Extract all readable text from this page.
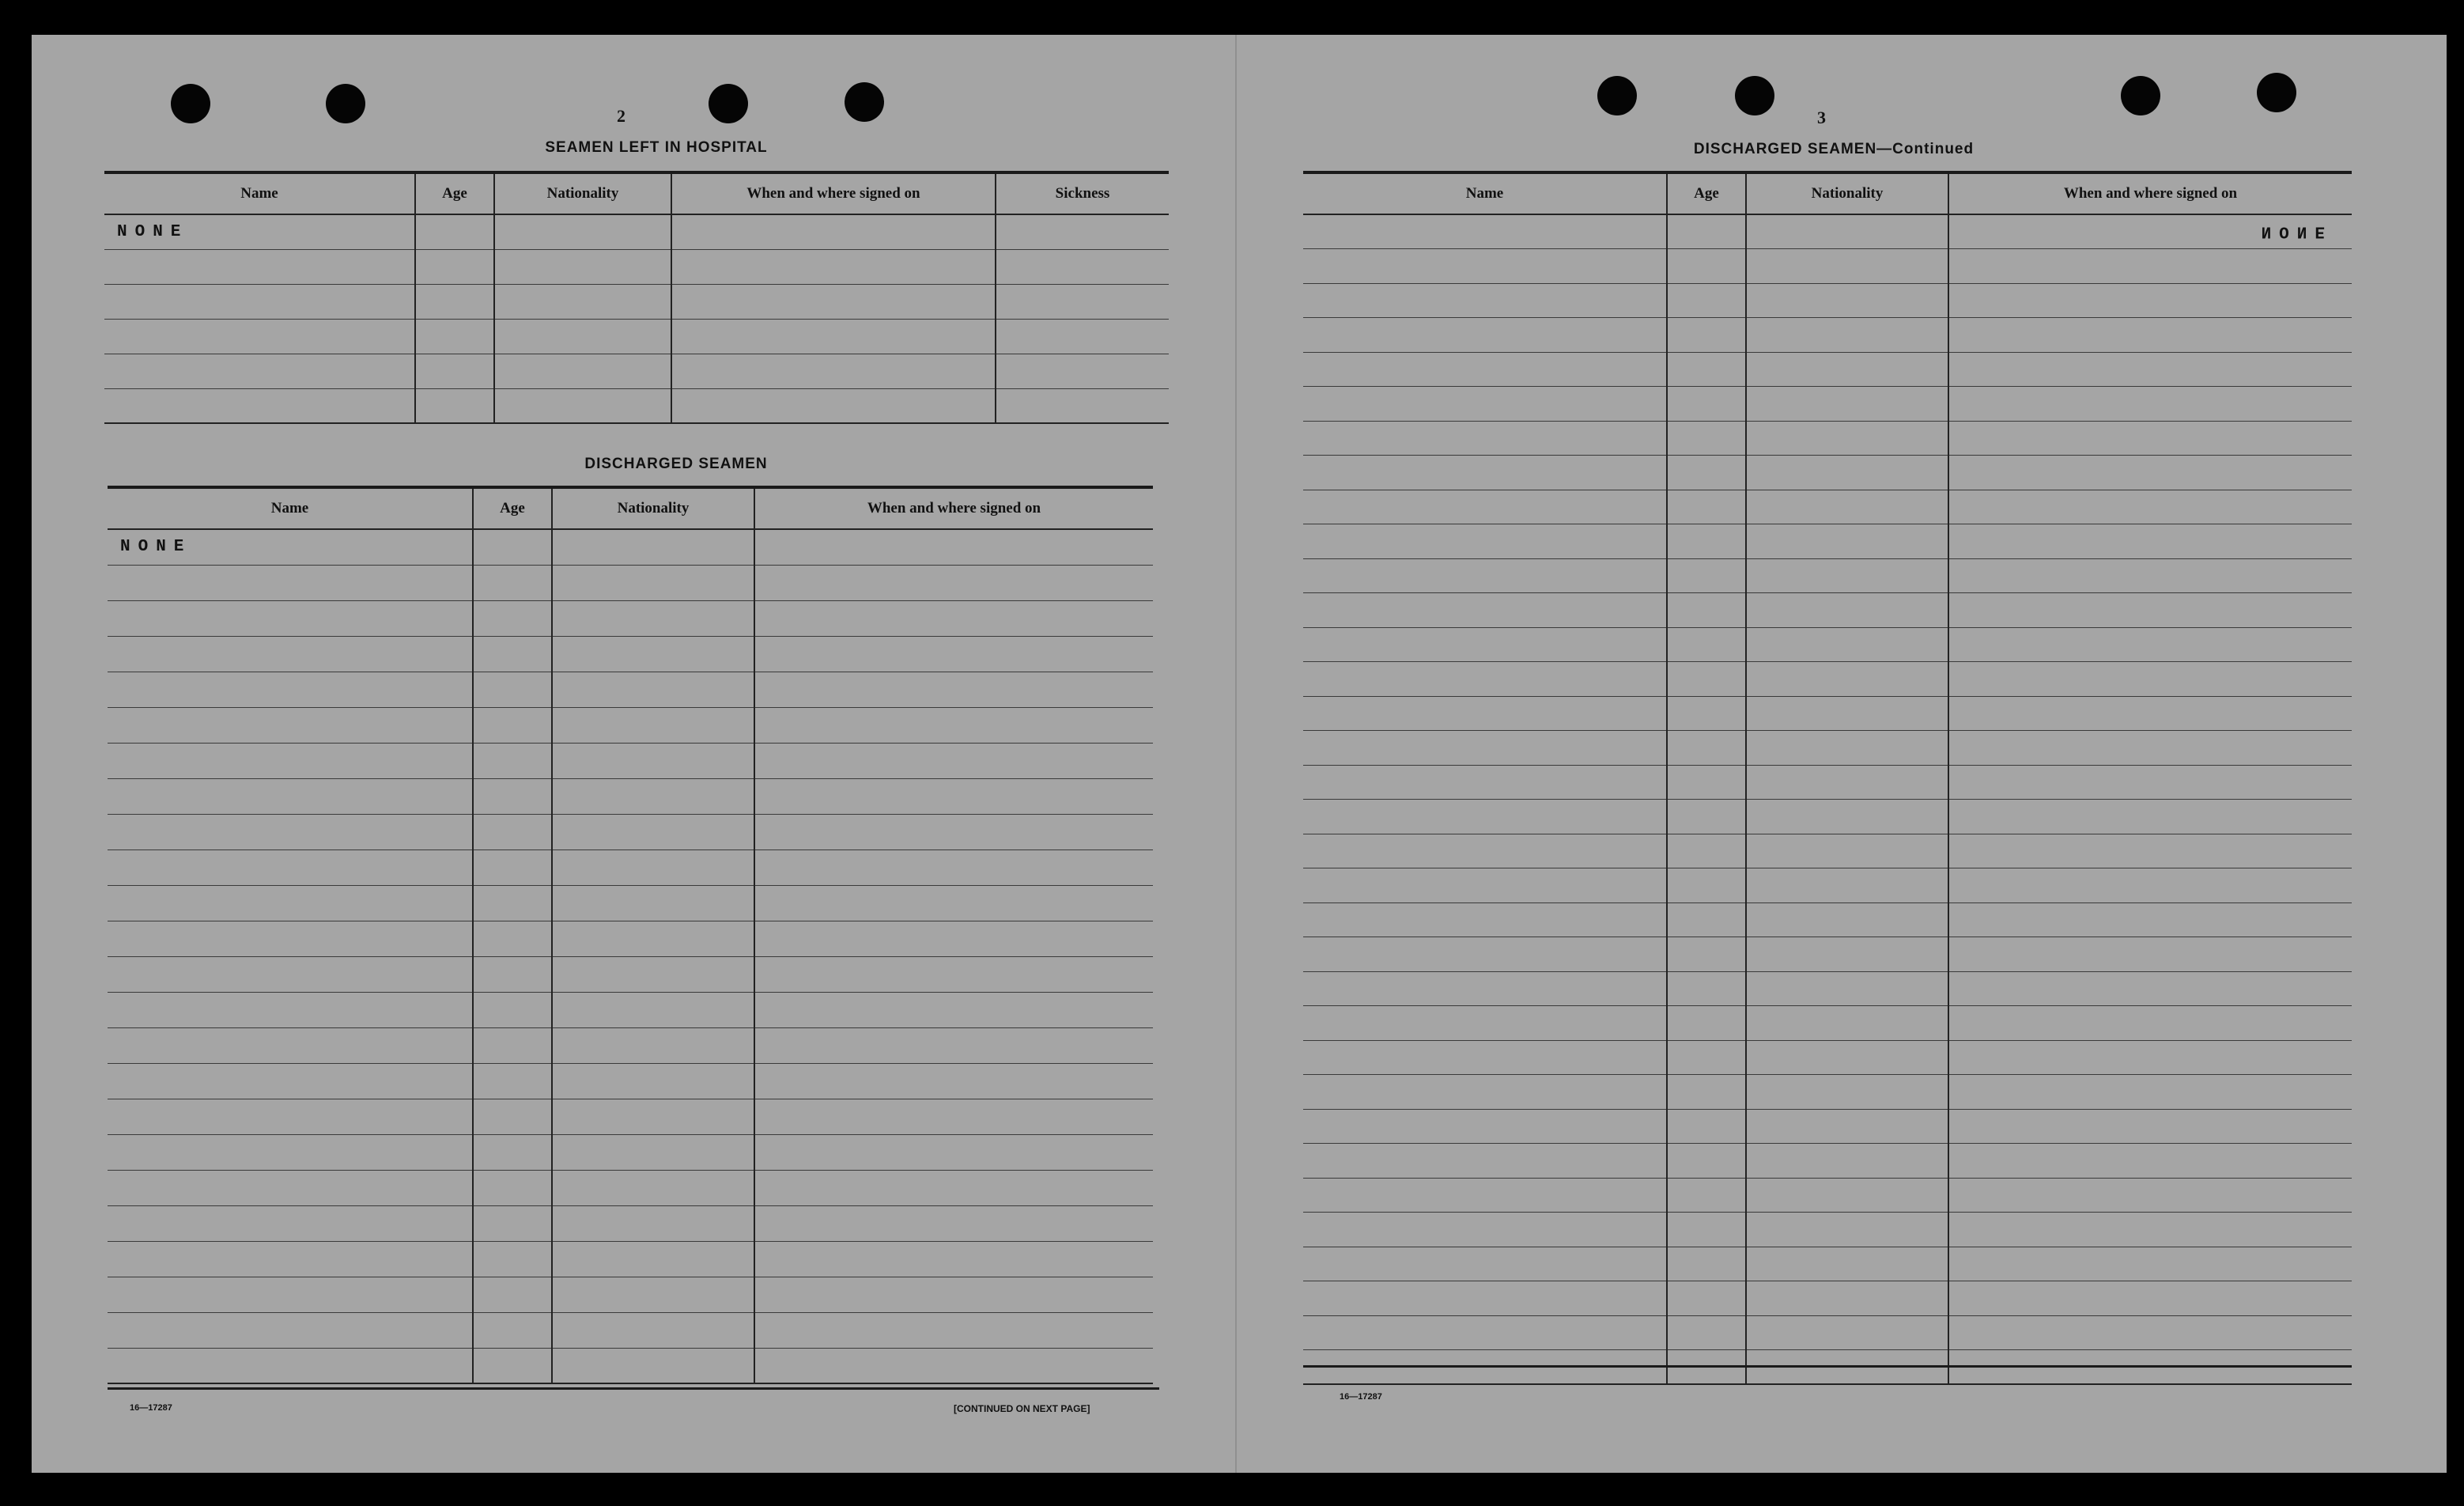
2
SEAMEN LEFT IN HOSPITAL
Name	Age	Nationality	When and where signed on	Sickness
NONE				

DISCHARGED SEAMEN
Name	Age	Nationality	When and where signed on
NONE			

16—17287	[CONTINUED ON NEXT PAGE]
3
DISCHARGED SEAMEN—Continued
Name	Age	Nationality	When and where signed on
			NONE

16—17287
